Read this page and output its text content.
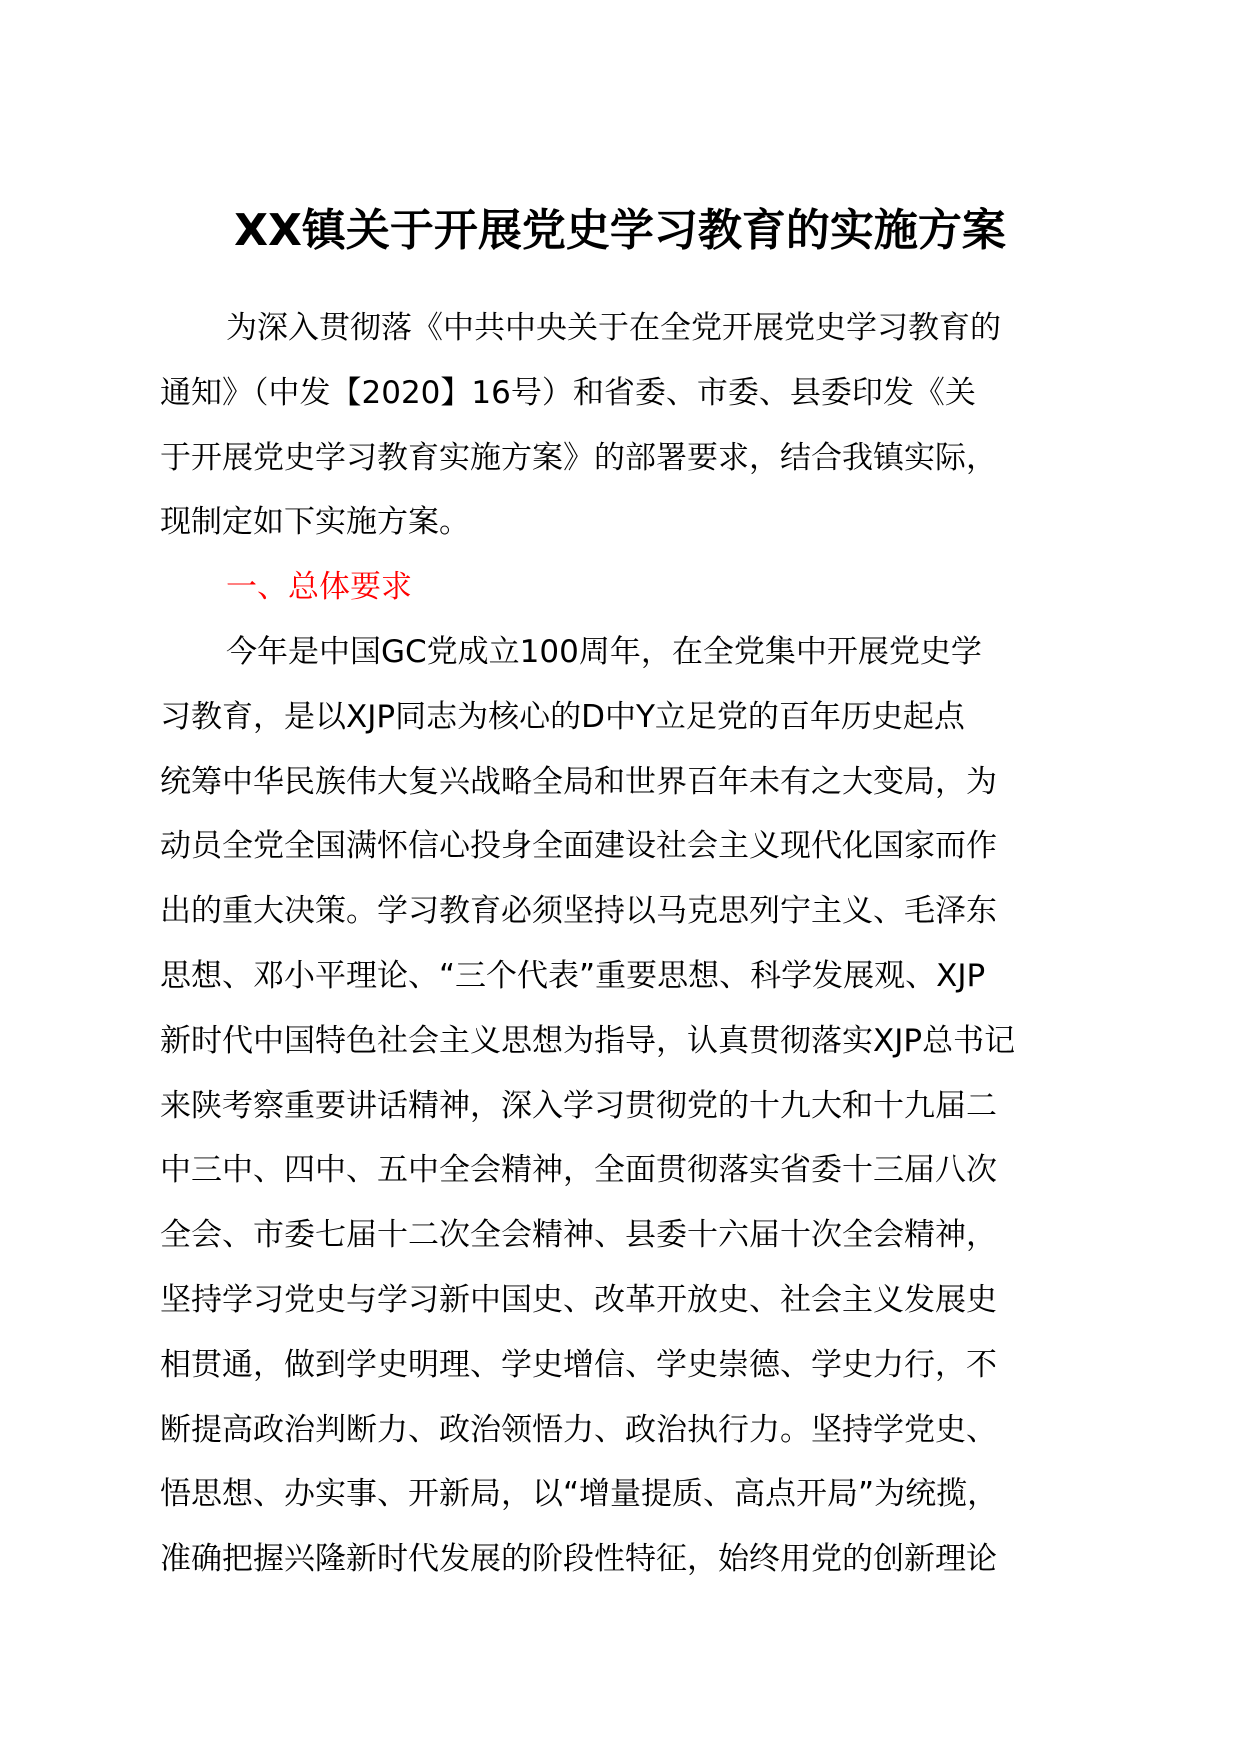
XX镇关于开展党史学习教育的实施方案
为深入贯彻落《中共中央关于在全党开展党史学习教育的
通知》（中发【2020】16号）和省委、市委、县委印发《关
于开展党史学习教育实施方案》的部署要求，结合我镇实际，
现制定如下实施方案。
一、总体要求
今年是中国GC党成立100周年，在全党集中开展党史学
习教育，是以XJP同志为核心的D中Y立足党的百年历史起点
统筹中华民族伟大复兴战略全局和世界百年未有之大变局，为
动员全党全国满怀信心投身全面建设社会主义现代化国家而作
出的重大决策。学习教育必须坚持以马克思列宁主义、毛泽东
思想、邓小平理论、“三个代表”重要思想、科学发展观、XJP
新时代中国特色社会主义思想为指导，认真贯彻落实XJP总书记
来陕考察重要讲话精神，深入学习贯彻党的十九大和十九届二
中三中、四中、五中全会精神，全面贯彻落实省委十三届八次
全会、市委七届十二次全会精神、县委十六届十次全会精神，
坚持学习党史与学习新中国史、改革开放史、社会主义发展史
相贯通，做到学史明理、学史增信、学史崇德、学史力行，不
断提高政治判断力、政治领悟力、政治执行力。坚持学党史、
悟思想、办实事、开新局，以“增量提质、高点开局”为统揽，
准确把握兴隆新时代发展的阶段性特征，始终用党的创新理论
